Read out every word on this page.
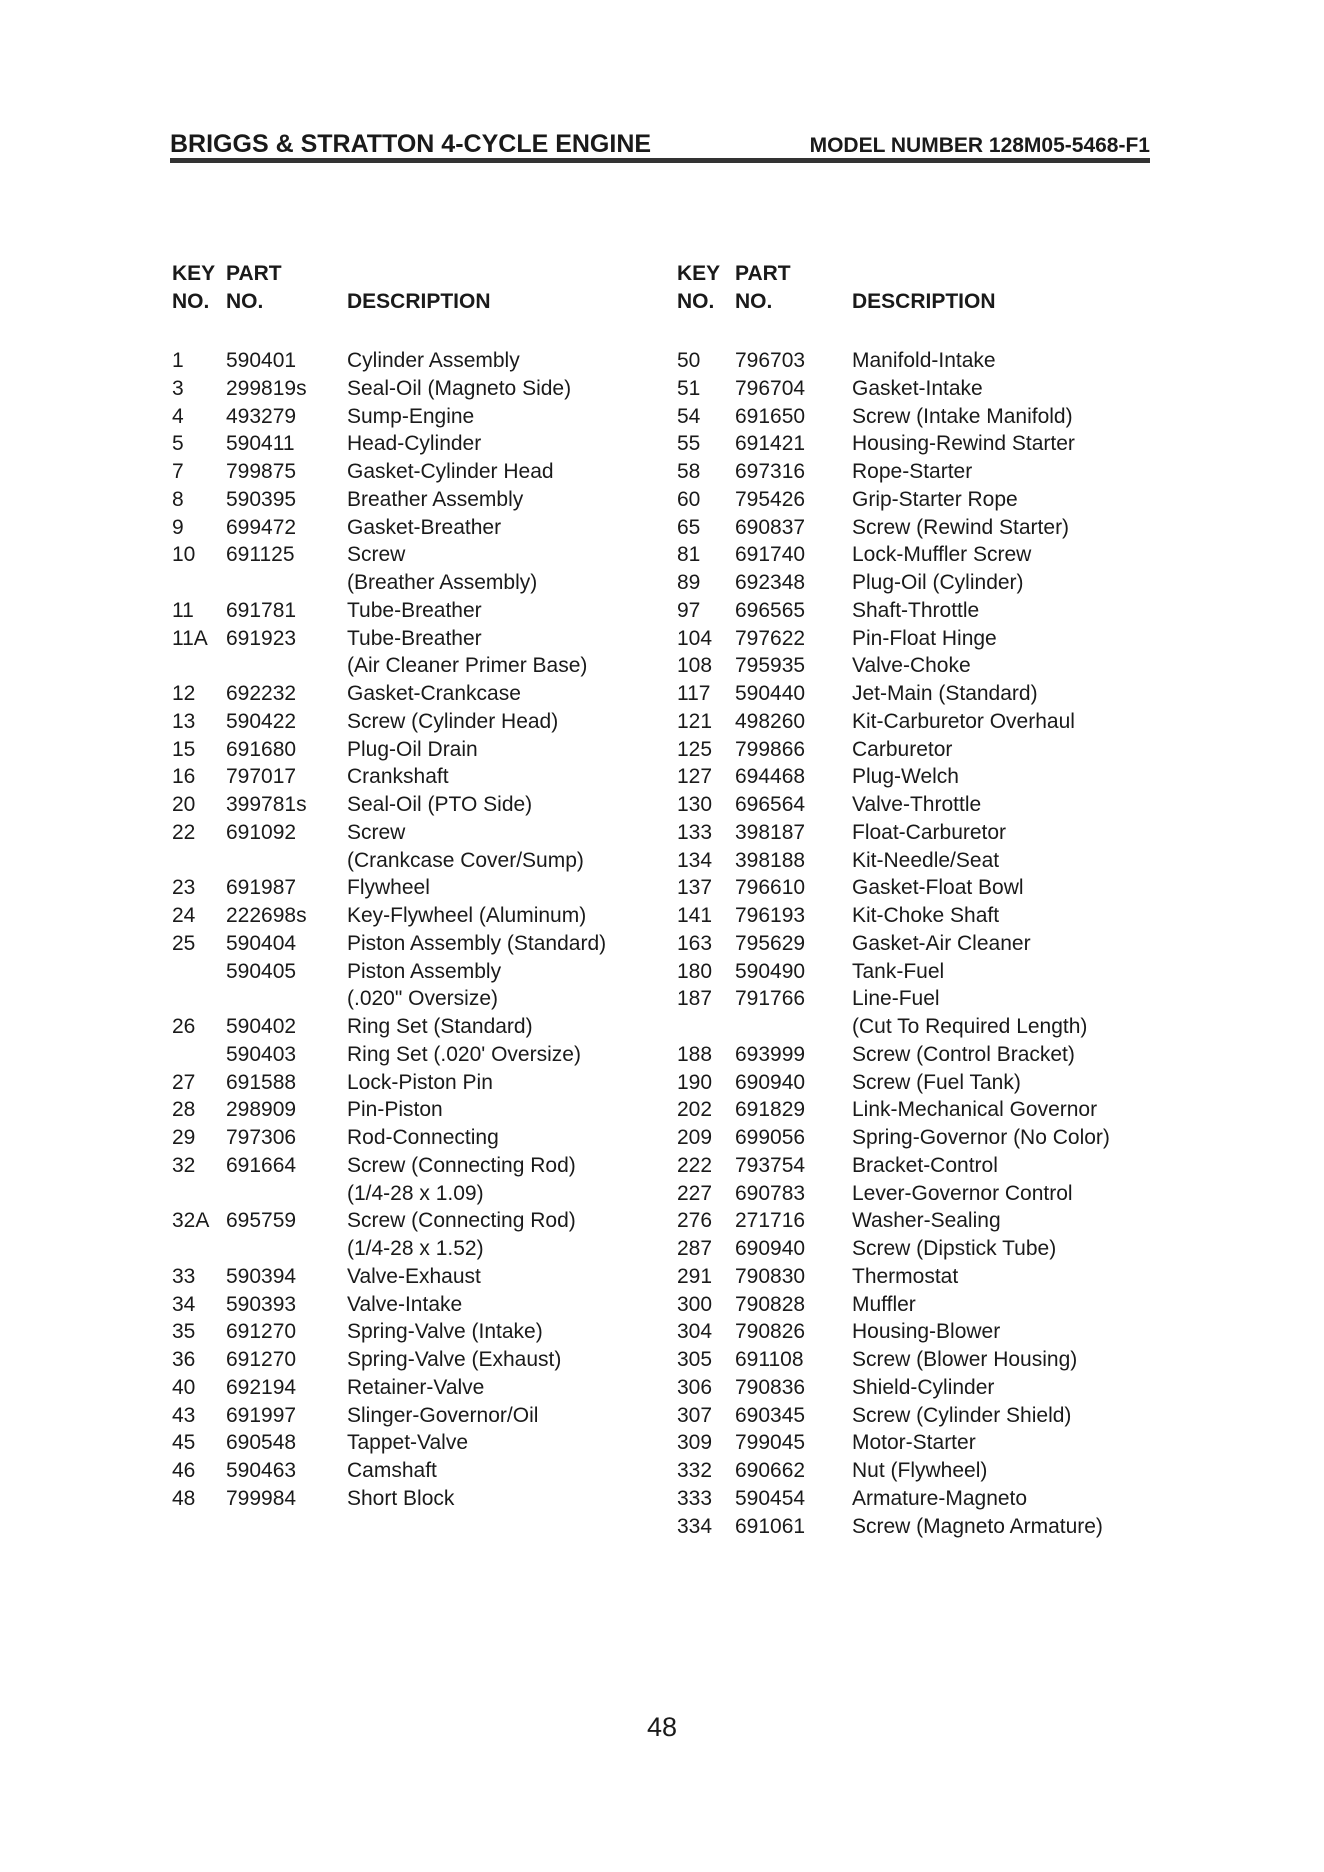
BRIGGS & STRATTON 4-CYCLE ENGINE	MODEL NUMBER 128M05-5468-F1
KEY
NO.
PART
NO.	DESCRIPTION
1 590401 Cylinder Assembly
3 299819s Seal-Oil (Magneto Side)
4 493279 Sump-Engine
5 590411 Head-Cylinder
7 799875 Gasket-Cylinder Head
8 590395 Breather Assembly
9 699472 Gasket-Breather
10 691125 Screw
(Breather Assembly)
11 691781 Tube-Breather
11A 691923 Tube-Breather
(Air Cleaner Primer Base)
12 692232 Gasket-Crankcase
13 590422 Screw (Cylinder Head)
15 691680 Plug-Oil Drain
16 797017 Crankshaft
20 399781s Seal-Oil (PTO Side)
22 691092 Screw
(Crankcase Cover/Sump)
23 691987 Flywheel
24 222698s Key-Flywheel (Aluminum)
25 590404 Piston Assembly (Standard)
590405 Piston Assembly
(.020" Oversize)
26 590402 Ring Set (Standard)
590403 Ring Set (.020' Oversize)
27 691588 Lock-Piston Pin
28 298909 Pin-Piston
29 797306 Rod-Connecting
32 691664 Screw (Connecting Rod)
(1/4-28 x 1.09)
32A 695759 Screw (Connecting Rod)
(1/4-28 x 1.52)
33 590394 Valve-Exhaust
34 590393 Valve-Intake
35 691270 Spring-Valve (Intake)
36 691270 Spring-Valve (Exhaust)
40 692194 Retainer-Valve
43 691997 Slinger-Governor/Oil
45 690548 Tappet-Valve
46 590463 Camshaft
48 799984 Short Block
KEY
NO.
PART
NO.	DESCRIPTION
50 796703 Manifold-Intake
51 796704 Gasket-Intake
54 691650 Screw (Intake Manifold)
55 691421 Housing-Rewind Starter
58 697316 Rope-Starter
60 795426 Grip-Starter Rope
65 690837 Screw (Rewind Starter)
81 691740 Lock-Muffler Screw
89 692348 Plug-Oil (Cylinder)
97 696565 Shaft-Throttle
104 797622 Pin-Float Hinge
108 795935 Valve-Choke
117 590440 Jet-Main (Standard)
121 498260 Kit-Carburetor Overhaul
125 799866 Carburetor
127 694468 Plug-Welch
130 696564 Valve-Throttle
133 398187 Float-Carburetor
134 398188 Kit-Needle/Seat
137 796610 Gasket-Float Bowl
141 796193 Kit-Choke Shaft
163 795629 Gasket-Air Cleaner
180 590490 Tank-Fuel
187 791766 Line-Fuel
(Cut To Required Length)
188 693999 Screw (Control Bracket)
190 690940 Screw (Fuel Tank)
202 691829 Link-Mechanical Governor
209 699056 Spring-Governor (No Color)
222 793754 Bracket-Control
227 690783 Lever-Governor Control
276 271716 Washer-Sealing
287 690940 Screw (Dipstick Tube)
291 790830 Thermostat
300 790828 Muffler
304 790826 Housing-Blower
305 691108 Screw (Blower Housing)
306 790836 Shield-Cylinder
307 690345 Screw (Cylinder Shield)
309 799045 Motor-Starter
332 690662 Nut (Flywheel)
333 590454 Armature-Magneto
334 691061 Screw (Magneto Armature)
48
